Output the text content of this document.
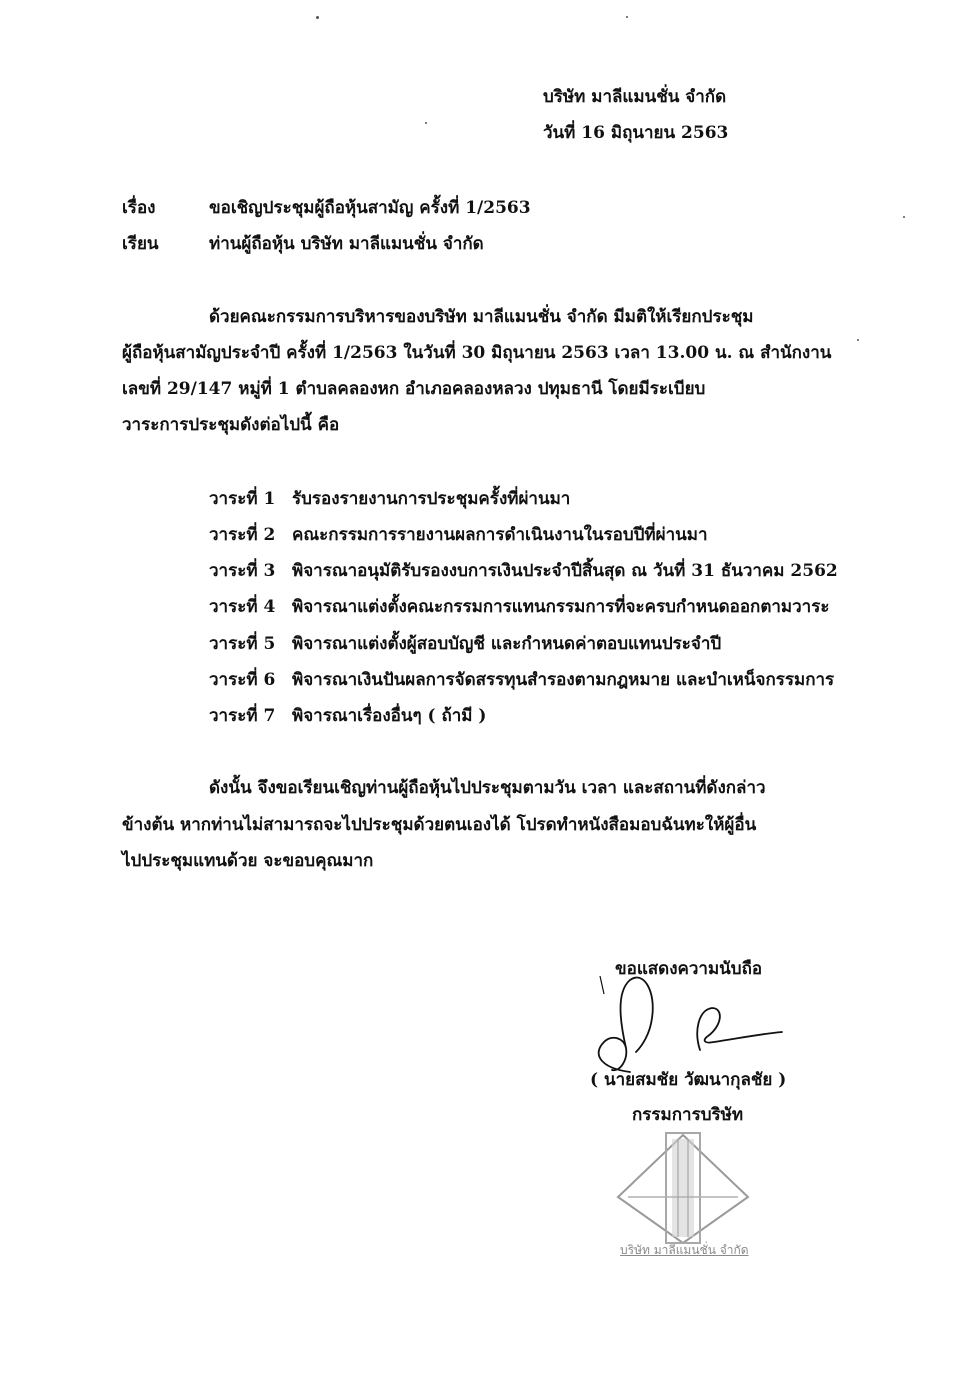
บริษัท มาลีแมนชั่น จำกัด
วันที่ 16 มิถุนายน 2563
เรื่อง	ขอเชิญประชุมผู้ถือหุ้นสามัญ ครั้งที่ 1/2563
เรียน	ท่านผู้ถือหุ้น บริษัท มาลีแมนชั่น จำกัด
ด้วยคณะกรรมการบริหารของบริษัท มาลีแมนชั่น จำกัด มีมติให้เรียกประชุม
ผู้ถือหุ้นสามัญประจำปี ครั้งที่ 1/2563 ในวันที่ 30 มิถุนายน 2563 เวลา 13.00 น. ณ สำนักงาน
เลขที่ 29/147 หมู่ที่ 1 ตำบลคลองหก อำเภอคลองหลวง ปทุมธานี โดยมีระเบียบ
วาระการประชุมดังต่อไปนี้ คือ
วาระที่ 1 รับรองรายงานการประชุมครั้งที่ผ่านมา
วาระที่ 2 คณะกรรมการรายงานผลการดำเนินงานในรอบปีที่ผ่านมา
วาระที่ 3 พิจารณาอนุมัติรับรองงบการเงินประจำปีสิ้นสุด ณ วันที่ 31 ธันวาคม 2562
วาระที่ 4 พิจารณาแต่งตั้งคณะกรรมการแทนกรรมการที่จะครบกำหนดออกตามวาระ
วาระที่ 5 พิจารณาแต่งตั้งผู้สอบบัญชี และกำหนดค่าตอบแทนประจำปี
วาระที่ 6 พิจารณาเงินปันผลการจัดสรรทุนสำรองตามกฎหมาย และบำเหน็จกรรมการ
วาระที่ 7 พิจารณาเรื่องอื่นๆ ( ถ้ามี )
ดังนั้น จึงขอเรียนเชิญท่านผู้ถือหุ้นไปประชุมตามวัน เวลา และสถานที่ดังกล่าว
ข้างต้น หากท่านไม่สามารถจะไปประชุมด้วยตนเองได้ โปรดทำหนังสือมอบฉันทะให้ผู้อื่น
ไปประชุมแทนด้วย จะขอบคุณมาก
ขอแสดงความนับถือ
( นายสมชัย วัฒนากุลชัย )
กรรมการบริษัท
บริษัท มาลีแมนชั่น จำกัด
